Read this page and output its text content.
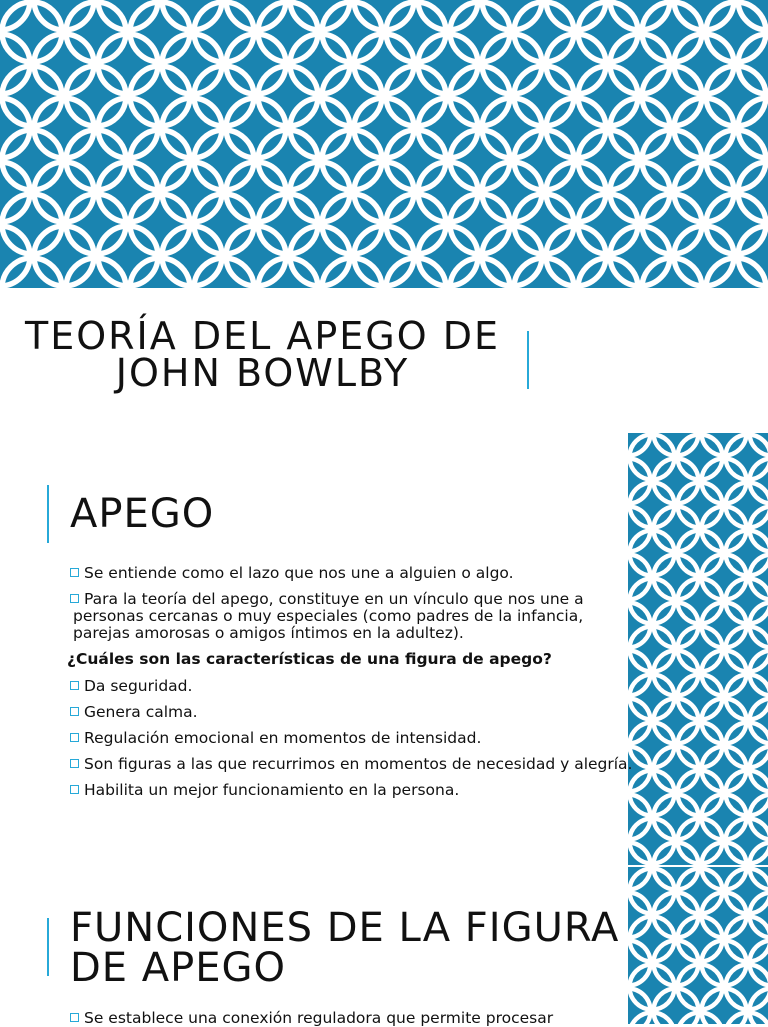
TEORÍA DEL APEGO DE
JOHN BOWLBY
APEGO

Se entiende como el lazo que nos une a alguien o algo.

Para la teoría del apego, constituye en un vínculo que nos une a personas cercanas o muy especiales (como padres de la infancia, parejas amorosas o amigos íntimos en la adultez).

¿Cuáles son las características de una figura de apego?

Da seguridad.

Genera calma.

Regulación emocional en momentos de intensidad.

Son figuras a las que recurrimos en momentos de necesidad y alegría.

Habilita un mejor funcionamiento en la persona.

FUNCIONES DE LA FIGURA
DE APEGO
Se establece una conexión reguladora que permite procesar
